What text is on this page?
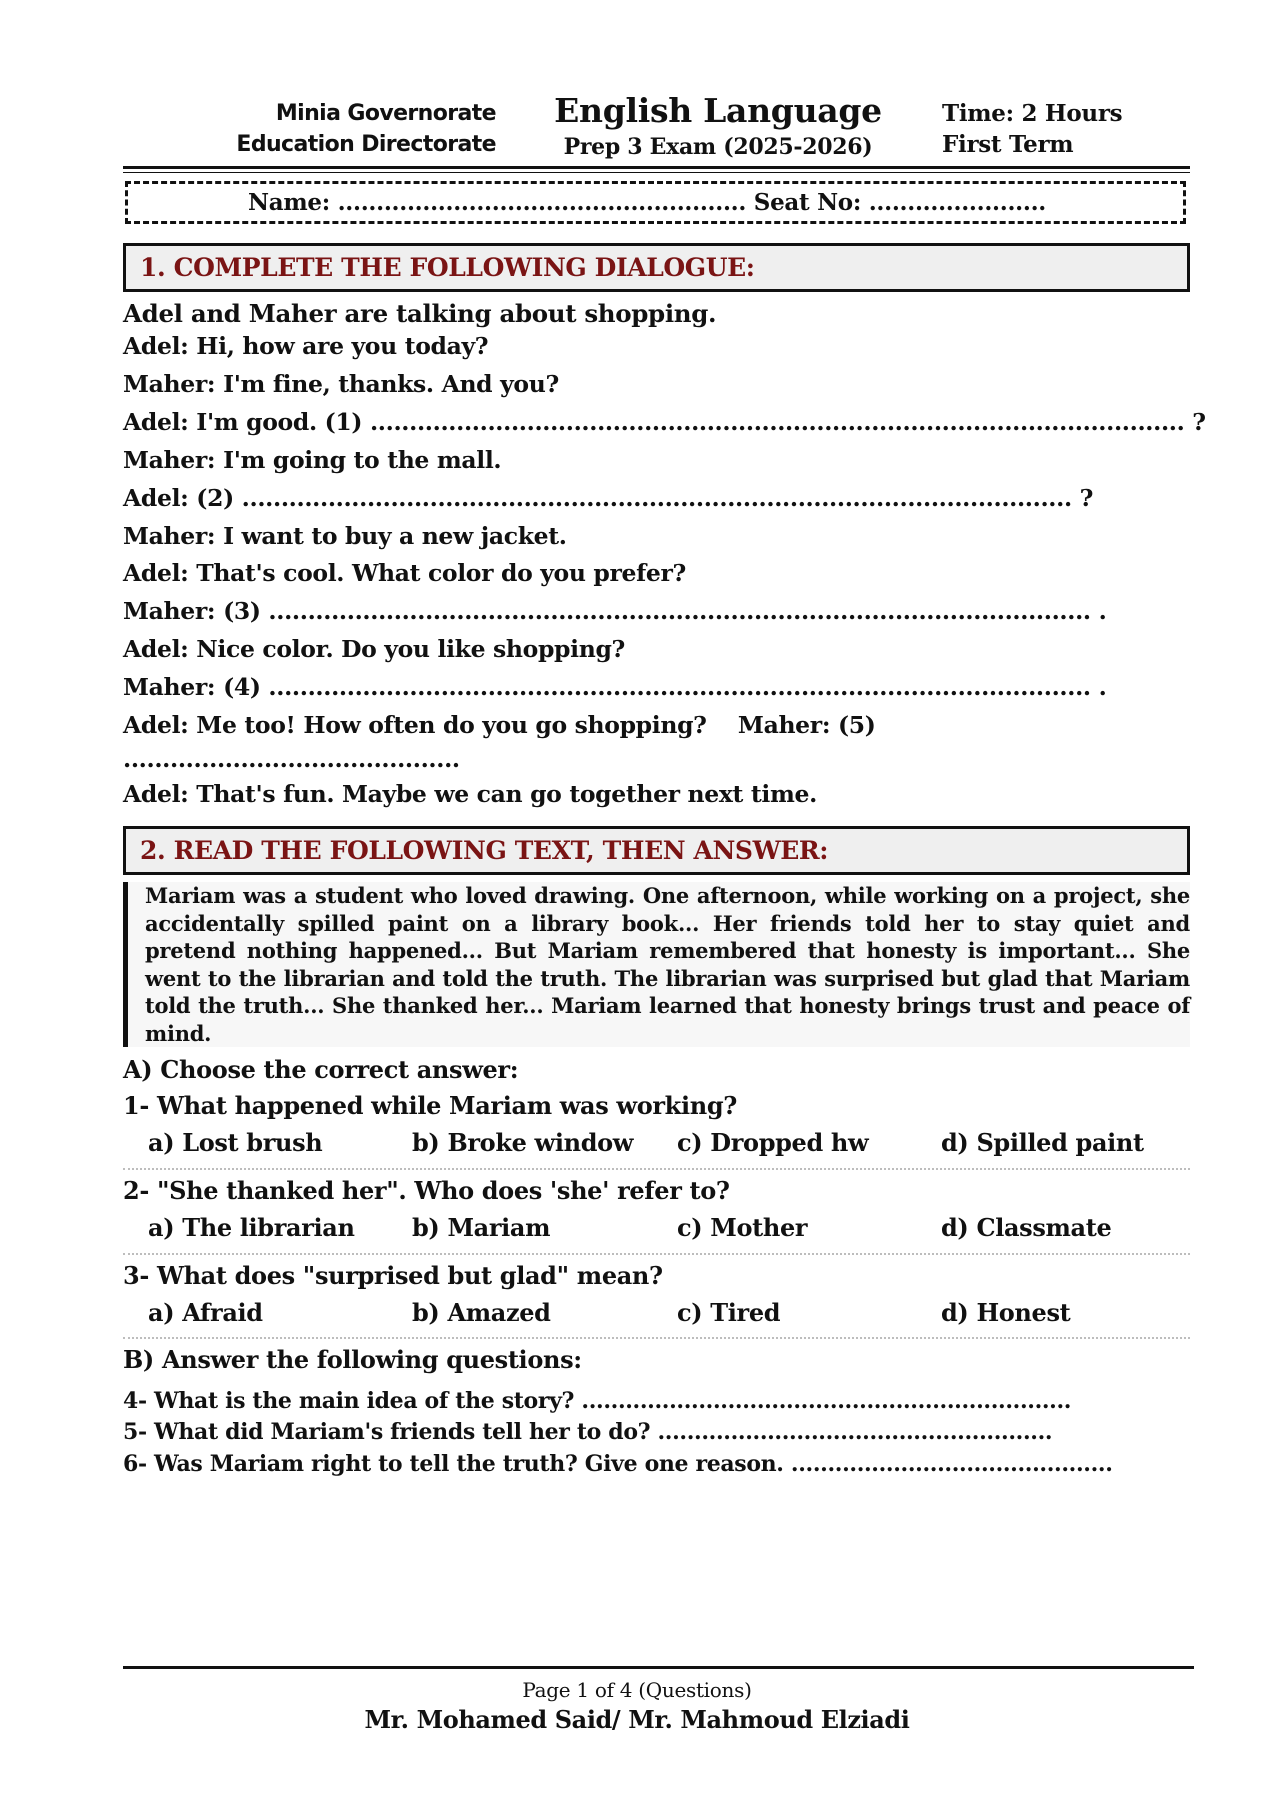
Minia Governorate
Education Directorate
English Language
Prep 3 Exam (2025-2026)
Time: 2 Hours
First Term
Name: ..................................................... Seat No: .......................
1. COMPLETE THE FOLLOWING DIALOGUE:
Adel and Maher are talking about shopping.
Adel: Hi, how are you today?
Maher: I'm fine, thanks. And you?
Adel: I'm good. (1) ........................................................................................................ ?
Maher: I'm going to the mall.
Adel: (2) .......................................................................................................... ?
Maher: I want to buy a new jacket.
Adel: That's cool. What color do you prefer?
Maher: (3) ......................................................................................................... .
Adel: Nice color. Do you like shopping?
Maher: (4) ......................................................................................................... .
Adel: Me too! How often do you go shopping?    Maher: (5)
...........................................
Adel: That's fun. Maybe we can go together next time.
2. READ THE FOLLOWING TEXT, THEN ANSWER:
Mariam was a student who loved drawing. One afternoon, while working on a project, she accidentally spilled paint on a library book... Her friends told her to stay quiet and pretend nothing happened... But Mariam remembered that honesty is important... She went to the librarian and told the truth. The librarian was surprised but glad that Mariam told the truth... She thanked her... Mariam learned that honesty brings trust and peace of mind.
A) Choose the correct answer:
1- What happened while Mariam was working?
a) Lost brush	b) Broke window c) Dropped hw	d) Spilled paint
2- "She thanked her". Who does 'she' refer to?
a) The librarian b) Mariam	c) Mother	d) Classmate
3- What does "surprised but glad" mean?
a) Afraid	b) Amazed	c) Tired	d) Honest
B) Answer the following questions:
4- What is the main idea of the story? ...................................................................
5- What did Mariam's friends tell her to do? ......................................................
6- Was Mariam right to tell the truth? Give one reason. ............................................
Page 1 of 4 (Questions)
Mr. Mohamed Said/ Mr. Mahmoud Elziadi
